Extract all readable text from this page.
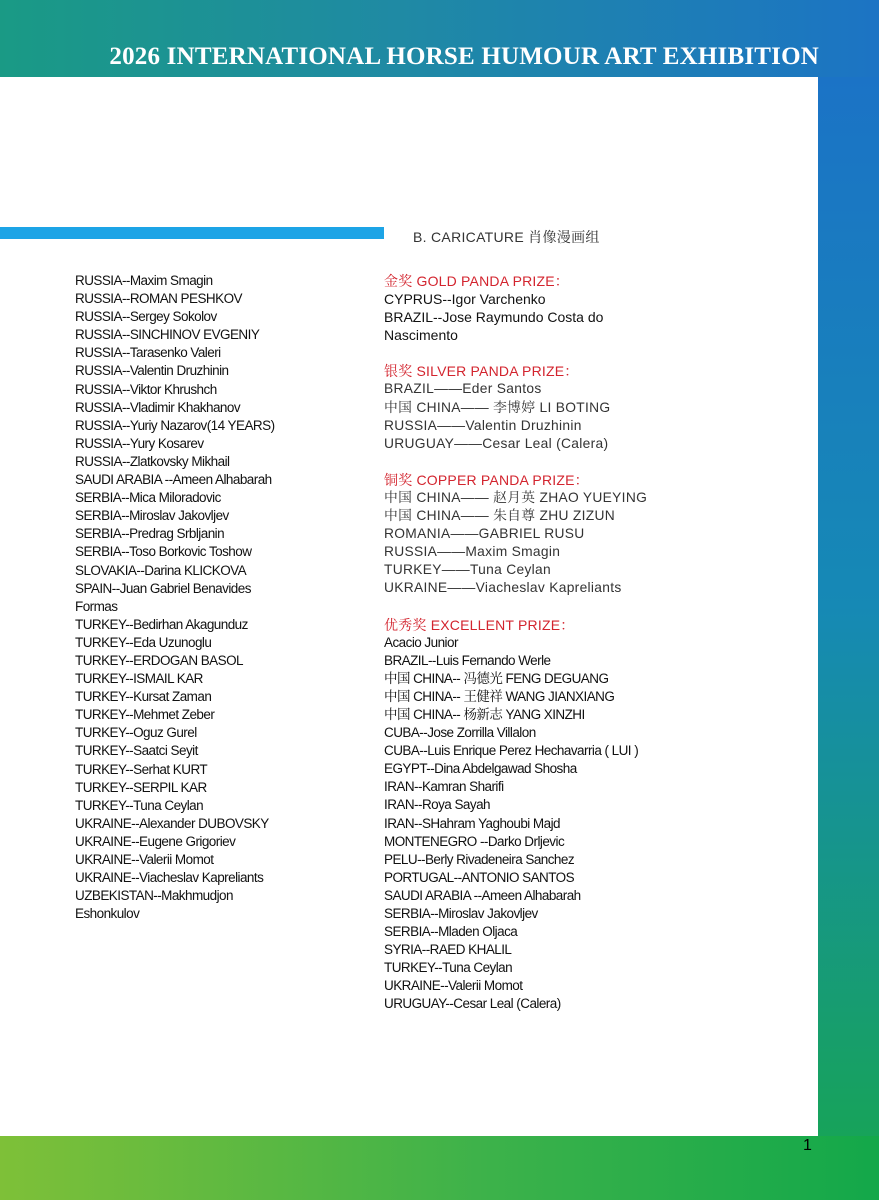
2026 INTERNATIONAL HORSE HUMOUR ART EXHIBITION
B. CARICATURE 肖像漫画组
RUSSIA--Maxim Smagin
RUSSIA--ROMAN PESHKOV
RUSSIA--Sergey Sokolov
RUSSIA--SINCHINOV EVGENIY
RUSSIA--Tarasenko Valeri
RUSSIA--Valentin Druzhinin
RUSSIA--Viktor Khrushch
RUSSIA--Vladimir Khakhanov
RUSSIA--Yuriy Nazarov(14 YEARS)
RUSSIA--Yury Kosarev
RUSSIA--Zlatkovsky Mikhail
SAUDI ARABIA --Ameen Alhabarah
SERBIA--Mica Miloradovic
SERBIA--Miroslav Jakovljev
SERBIA--Predrag Srbljanin
SERBIA--Toso Borkovic Toshow
SLOVAKIA--Darina KLICKOVA
SPAIN--Juan Gabriel Benavides
Formas
TURKEY--Bedirhan Akagunduz
TURKEY--Eda Uzunoglu
TURKEY--ERDOGAN BASOL
TURKEY--ISMAIL KAR
TURKEY--Kursat Zaman
TURKEY--Mehmet Zeber
TURKEY--Oguz Gurel
TURKEY--Saatci Seyit
TURKEY--Serhat KURT
TURKEY--SERPIL KAR
TURKEY--Tuna Ceylan
UKRAINE--Alexander DUBOVSKY
UKRAINE--Eugene Grigoriev
UKRAINE--Valerii Momot
UKRAINE--Viacheslav Kapreliants
UZBEKISTAN--Makhmudjon
Eshonkulov
金奖 GOLD PANDA PRIZE：
CYPRUS--Igor Varchenko
BRAZIL--Jose Raymundo Costa do Nascimento
银奖 SILVER PANDA PRIZE：
BRAZIL——Eder Santos
中国 CHINA—— 李博婷 LI BOTING
RUSSIA——Valentin Druzhinin
URUGUAY——Cesar Leal (Calera)
铜奖 COPPER PANDA PRIZE：
中国 CHINA—— 赵月英 ZHAO YUEYING
中国 CHINA—— 朱自尊 ZHU ZIZUN
ROMANIA——GABRIEL RUSU
RUSSIA——Maxim Smagin
TURKEY——Tuna Ceylan
UKRAINE——Viacheslav Kapreliants
优秀奖 EXCELLENT PRIZE：
Acacio Junior
BRAZIL--Luis Fernando Werle
中国 CHINA-- 冯德光 FENG DEGUANG
中国 CHINA-- 王健祥 WANG JIANXIANG
中国 CHINA-- 杨新志 YANG XINZHI
CUBA--Jose Zorrilla Villalon
CUBA--Luis Enrique Perez Hechavarria ( LUI )
EGYPT--Dina Abdelgawad Shosha
IRAN--Kamran Sharifi
IRAN--Roya Sayah
IRAN--SHahram Yaghoubi Majd
MONTENEGRO --Darko Drljevic
PELU--Berly Rivadeneira Sanchez
PORTUGAL--ANTONIO SANTOS
SAUDI ARABIA --Ameen Alhabarah
SERBIA--Miroslav Jakovljev
SERBIA--Mladen Oljaca
SYRIA--RAED KHALIL
TURKEY--Tuna Ceylan
UKRAINE--Valerii Momot
URUGUAY--Cesar Leal (Calera)
1
